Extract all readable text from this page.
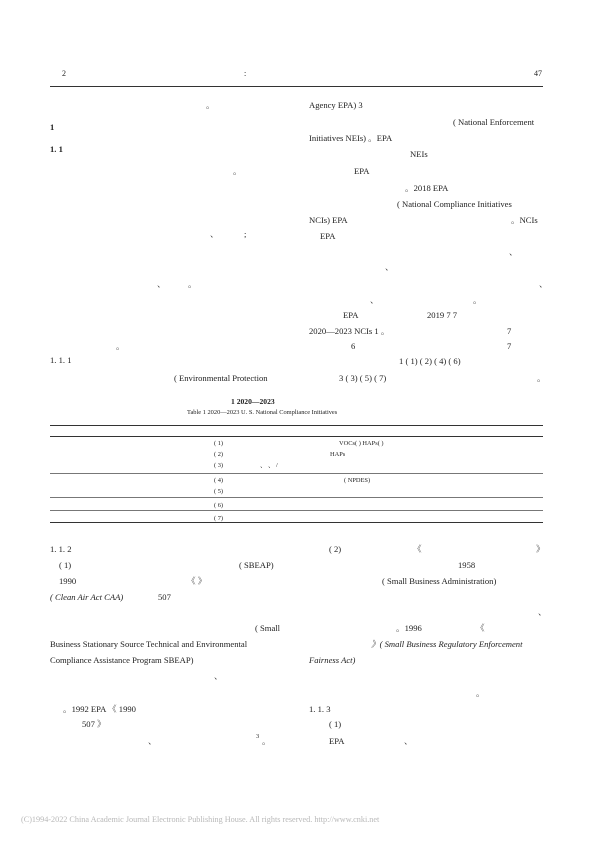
2	:	47
。
1
1. 1
。
、	;
、	。
。
1. 1. 1
( Environmental Protection
Agency EPA) 3
( National Enforcement
Initiatives NEIs) 。EPA
NEIs
EPA
。2018 EPA
( National Compliance Initiatives
NCIs) EPA	。NCIs
EPA
、
、
、
、	。
EPA	2019 7 7
2020—2023 NCIs 1 。	7
6	7
1 ( 1) ( 2) ( 4) ( 6)
3 ( 3) ( 5) ( 7)	。
1 2020—2023
Table 1 2020—2023 U. S. National Compliance Initiatives
( 1)	VOCs( ) HAPs( )
( 2)	HAPs
( 3)	、 、 /
( 4)	( NPDES)
( 5)
( 6)
( 7)
1. 1. 2
( 1)	( SBEAP)
1990	《 》
( Clean Air Act CAA)	507
( Small
Business Stationary Source Technical and Environmental
Compliance Assistance Program SBEAP)
、
。1992 EPA 《 1990
507 》
、	3 。
( 2)	《	》
1958
( Small Business Administration)
、
。1996	《
》( Small Business Regulatory Enforcement
Fairness Act)
。
1. 1. 3
( 1)
EPA	、
(C)1994-2022 China Academic Journal Electronic Publishing House. All rights reserved. http://www.cnki.net
